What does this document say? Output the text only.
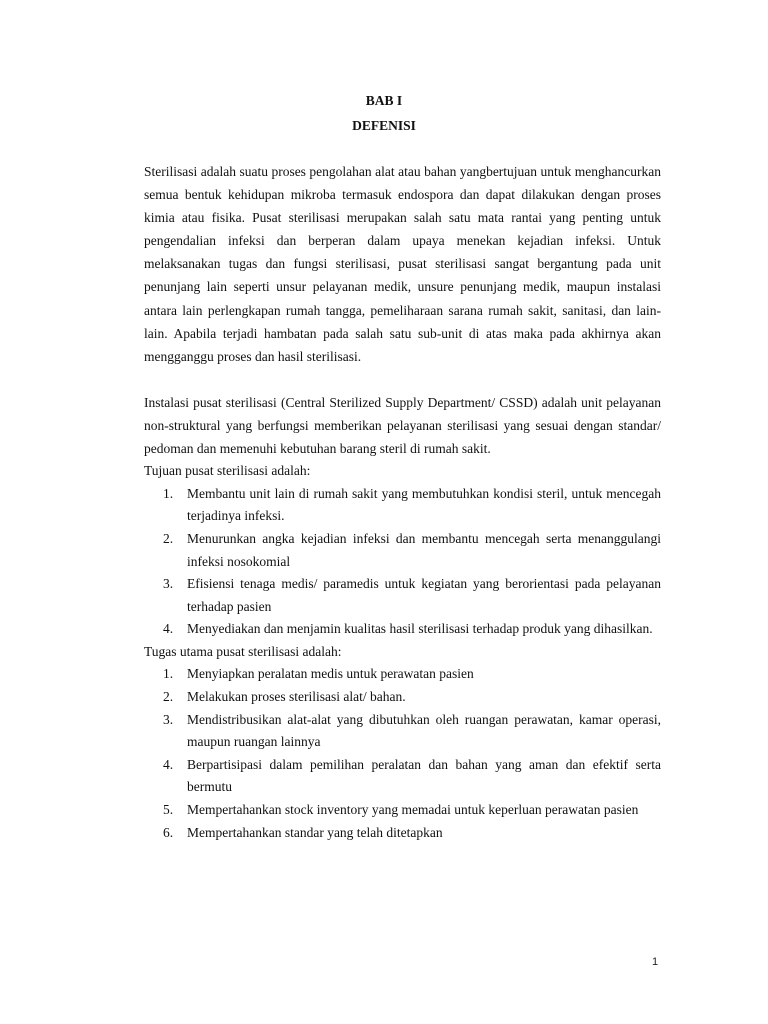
BAB I
DEFENISI

Sterilisasi adalah suatu proses pengolahan alat atau bahan yangbertujuan untuk menghancurkan semua bentuk kehidupan mikroba termasuk endospora dan dapat dilakukan dengan proses kimia atau fisika. Pusat sterilisasi merupakan salah satu mata rantai yang penting untuk pengendalian infeksi dan berperan dalam upaya menekan kejadian infeksi. Untuk melaksanakan tugas dan fungsi sterilisasi, pusat sterilisasi sangat bergantung pada unit penunjang lain seperti unsur pelayanan medik, unsure penunjang medik, maupun instalasi antara lain perlengkapan rumah tangga, pemeliharaan sarana rumah sakit, sanitasi, dan lain-lain. Apabila terjadi hambatan pada salah satu sub-unit di atas maka pada akhirnya akan mengganggu proses dan hasil sterilisasi.

Instalasi pusat sterilisasi (Central Sterilized Supply Department/ CSSD) adalah unit pelayanan non-struktural yang berfungsi memberikan pelayanan sterilisasi yang sesuai dengan standar/ pedoman dan memenuhi kebutuhan barang steril di rumah sakit.

Tujuan pusat sterilisasi adalah:

1. Membantu unit lain di rumah sakit yang membutuhkan kondisi steril, untuk mencegah terjadinya infeksi.
2. Menurunkan angka kejadian infeksi dan membantu mencegah serta menanggulangi infeksi nosokomial
3. Efisiensi tenaga medis/ paramedis untuk kegiatan yang berorientasi pada pelayanan terhadap pasien
4. Menyediakan dan menjamin kualitas hasil sterilisasi terhadap produk yang dihasilkan.

Tugas utama pusat sterilisasi adalah:

1. Menyiapkan peralatan medis untuk perawatan pasien
2. Melakukan proses sterilisasi alat/ bahan.
3. Mendistribusikan alat-alat yang dibutuhkan oleh ruangan perawatan, kamar operasi, maupun ruangan lainnya
4. Berpartisipasi dalam pemilihan peralatan dan bahan yang aman dan efektif serta bermutu
5. Mempertahankan stock inventory yang memadai untuk keperluan perawatan pasien
6. Mempertahankan standar yang telah ditetapkan
1
